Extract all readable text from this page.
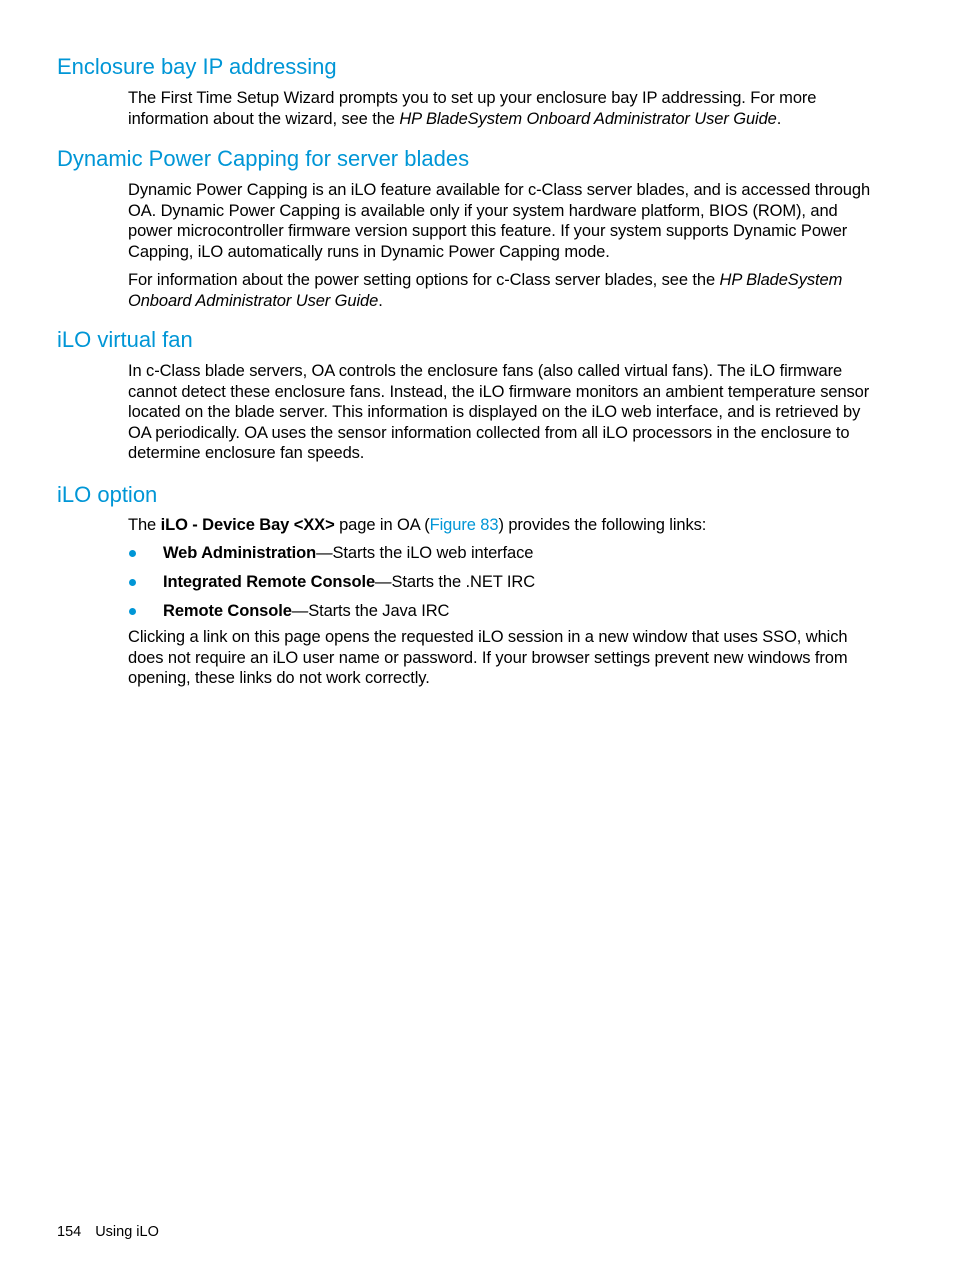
Enclosure bay IP addressing

The First Time Setup Wizard prompts you to set up your enclosure bay IP addressing. For more information about the wizard, see the HP BladeSystem Onboard Administrator User Guide.

Dynamic Power Capping for server blades

Dynamic Power Capping is an iLO feature available for c-Class server blades, and is accessed through OA. Dynamic Power Capping is available only if your system hardware platform, BIOS (ROM), and power microcontroller firmware version support this feature. If your system supports Dynamic Power Capping, iLO automatically runs in Dynamic Power Capping mode.

For information about the power setting options for c-Class server blades, see the HP BladeSystem Onboard Administrator User Guide.

iLO virtual fan

In c-Class blade servers, OA controls the enclosure fans (also called virtual fans). The iLO firmware cannot detect these enclosure fans. Instead, the iLO firmware monitors an ambient temperature sensor located on the blade server. This information is displayed on the iLO web interface, and is retrieved by OA periodically. OA uses the sensor information collected from all iLO processors in the enclosure to determine enclosure fan speeds.

iLO option

The iLO - Device Bay <XX> page in OA (Figure 83) provides the following links:

Web Administration—Starts the iLO web interface
Integrated Remote Console—Starts the .NET IRC
Remote Console—Starts the Java IRC

Clicking a link on this page opens the requested iLO session in a new window that uses SSO, which does not require an iLO user name or password. If your browser settings prevent new windows from opening, these links do not work correctly.

154 Using iLO
